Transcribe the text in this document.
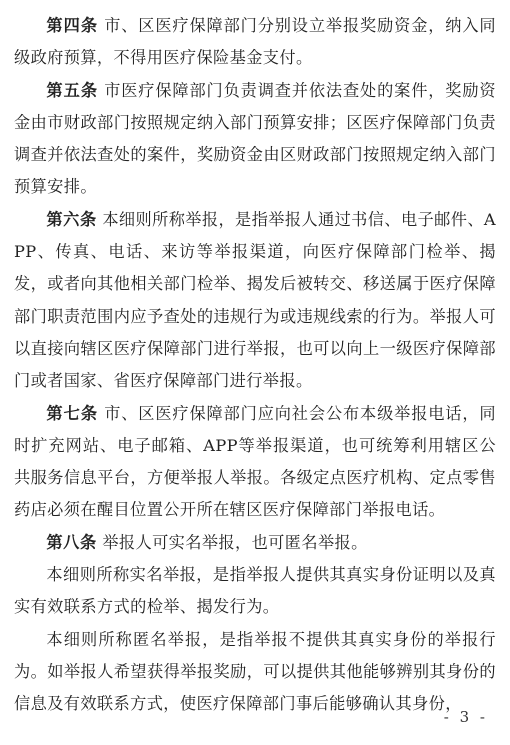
第四条 市、区医疗保障部门分别设立举报奖励资金，纳入同级政府预算，不得用医疗保险基金支付。

第五条 市医疗保障部门负责调查并依法查处的案件，奖励资金由市财政部门按照规定纳入部门预算安排；区医疗保障部门负责调查并依法查处的案件，奖励资金由区财政部门按照规定纳入部门预算安排。

第六条 本细则所称举报，是指举报人通过书信、电子邮件、APP、传真、电话、来访等举报渠道，向医疗保障部门检举、揭发，或者向其他相关部门检举、揭发后被转交、移送属于医疗保障部门职责范围内应予查处的违规行为或违规线索的行为。举报人可以直接向辖区医疗保障部门进行举报，也可以向上一级医疗保障部门或者国家、省医疗保障部门进行举报。

第七条 市、区医疗保障部门应向社会公布本级举报电话，同时扩充网站、电子邮箱、APP等举报渠道，也可统筹利用辖区公共服务信息平台，方便举报人举报。各级定点医疗机构、定点零售药店必须在醒目位置公开所在辖区医疗保障部门举报电话。

第八条 举报人可实名举报，也可匿名举报。

本细则所称实名举报，是指举报人提供其真实身份证明以及真实有效联系方式的检举、揭发行为。

本细则所称匿名举报，是指举报不提供其真实身份的举报行为。如举报人希望获得举报奖励，可以提供其他能够辨别其身份的信息及有效联系方式，使医疗保障部门事后能够确认其身份，

- 3 -
